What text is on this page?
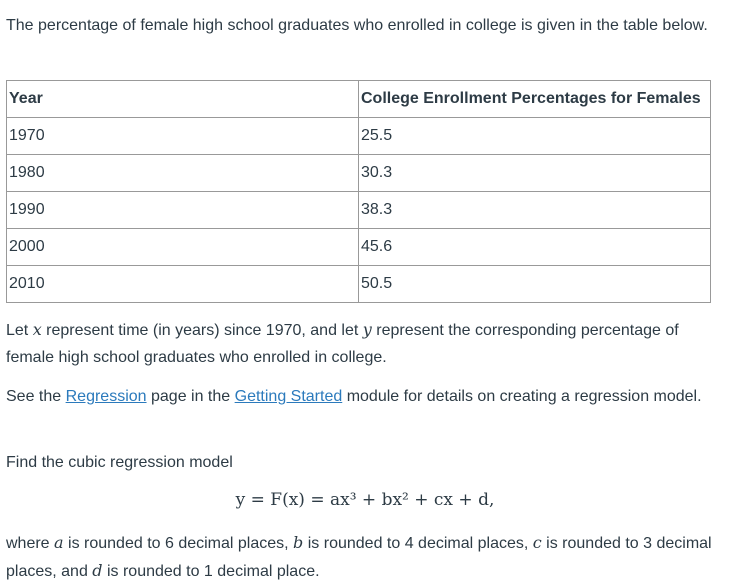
The percentage of female high school graduates who enrolled in college is given in the table below.

Year	College Enrollment Percentages for Females
1970	25.5
1980	30.3
1990	38.3
2000	45.6
2010	50.5

Let x represent time (in years) since 1970, and let y represent the corresponding percentage of female high school graduates who enrolled in college.

See the Regression page in the Getting Started module for details on creating a regression model.

Find the cubic regression model

y = F(x) = ax³ + bx² + cx + d,

where a is rounded to 6 decimal places, b is rounded to 4 decimal places, c is rounded to 3 decimal places, and d is rounded to 1 decimal place.
